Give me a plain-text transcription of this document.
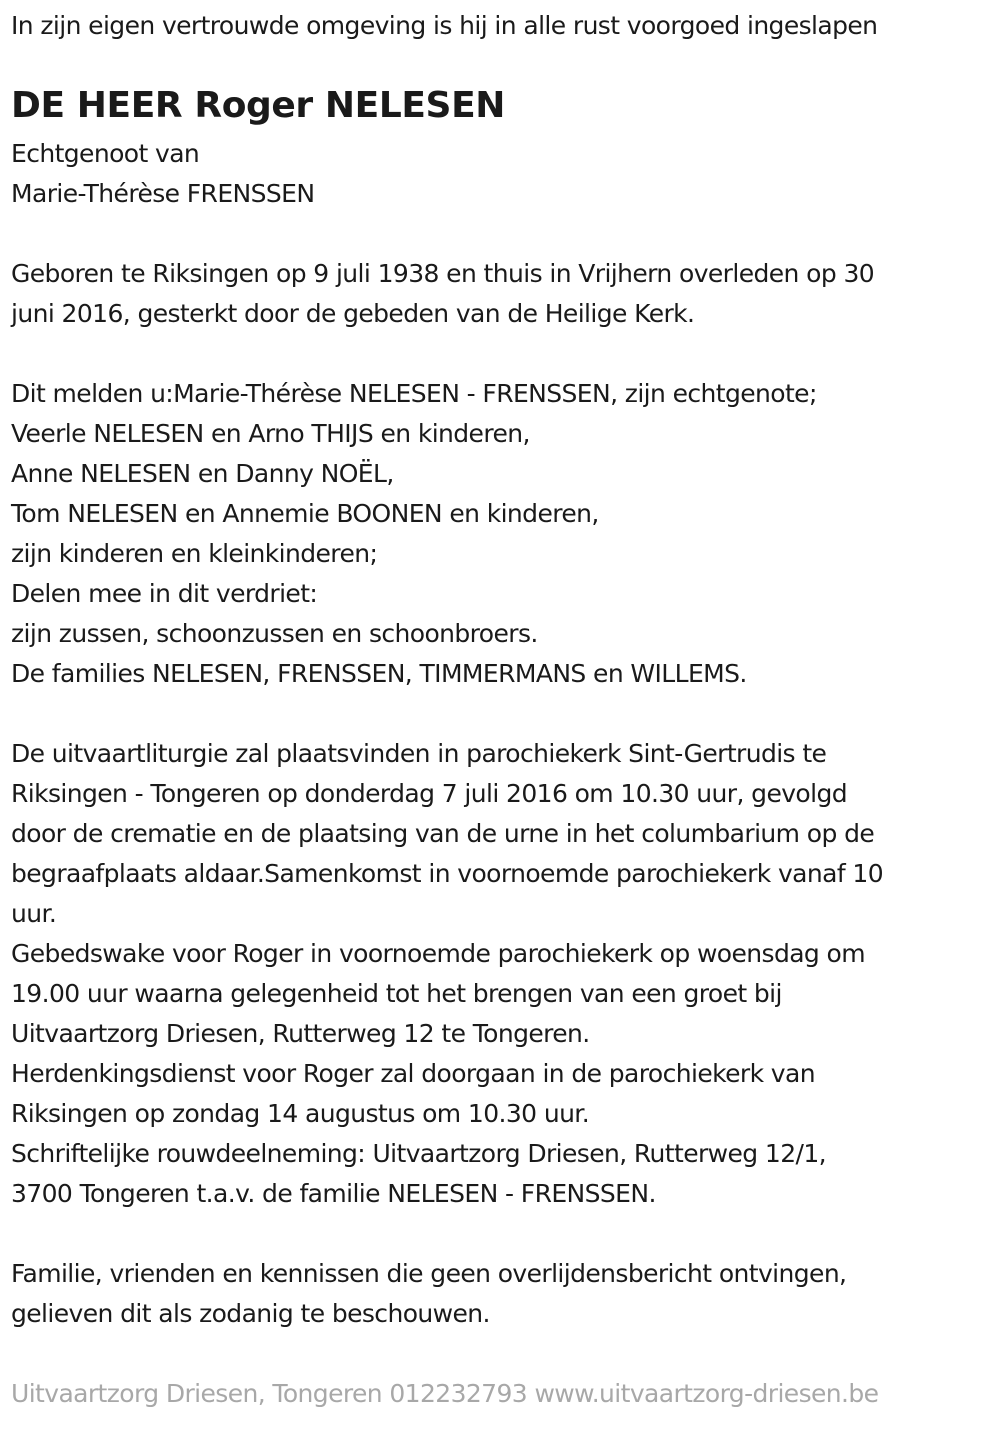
In zijn eigen vertrouwde omgeving is hij in alle rust voorgoed ingeslapen
DE HEER Roger NELESEN
Echtgenoot van
Marie-Thérèse FRENSSEN
Geboren te Riksingen op 9 juli 1938 en thuis in Vrijhern overleden op 30
juni 2016, gesterkt door de gebeden van de Heilige Kerk.
Dit melden u:Marie-Thérèse NELESEN - FRENSSEN, zijn echtgenote;
Veerle NELESEN en Arno THIJS en kinderen,
Anne NELESEN en Danny NOËL,
Tom NELESEN en Annemie BOONEN en kinderen,
zijn kinderen en kleinkinderen;
Delen mee in dit verdriet:
zijn zussen, schoonzussen en schoonbroers.
De families NELESEN, FRENSSEN, TIMMERMANS en WILLEMS.
De uitvaartliturgie zal plaatsvinden in parochiekerk Sint-Gertrudis te
Riksingen - Tongeren op donderdag 7 juli 2016 om 10.30 uur, gevolgd
door de crematie en de plaatsing van de urne in het columbarium op de
begraafplaats aldaar.Samenkomst in voornoemde parochiekerk vanaf 10
uur.
Gebedswake voor Roger in voornoemde parochiekerk op woensdag om
19.00 uur waarna gelegenheid tot het brengen van een groet bij
Uitvaartzorg Driesen, Rutterweg 12 te Tongeren.
Herdenkingsdienst voor Roger zal doorgaan in de parochiekerk van
Riksingen op zondag 14 augustus om 10.30 uur.
Schriftelijke rouwdeelneming: Uitvaartzorg Driesen, Rutterweg 12/1,
3700 Tongeren t.a.v. de familie NELESEN - FRENSSEN.
Familie, vrienden en kennissen die geen overlijdensbericht ontvingen,
gelieven dit als zodanig te beschouwen.
Uitvaartzorg Driesen, Tongeren 012232793 www.uitvaartzorg-driesen.be
